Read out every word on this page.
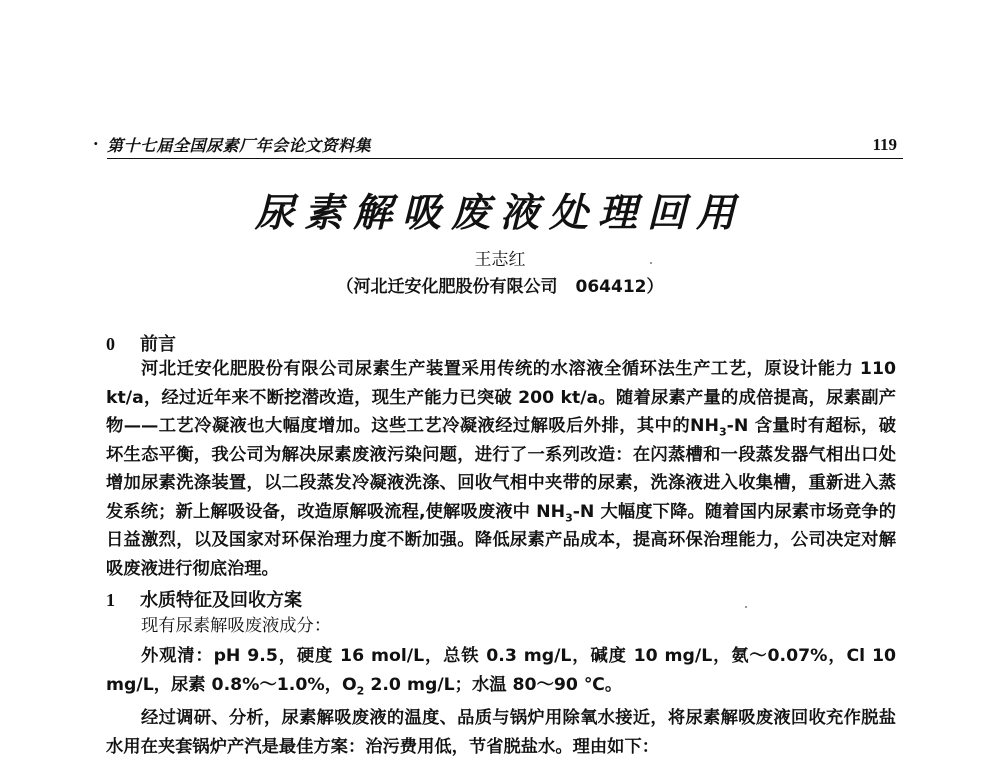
· 第十七届全国尿素厂年会论文资料集	119
尿素解吸废液处理回用
王志红
（河北迁安化肥股份有限公司 064412）
0 前言

河北迁安化肥股份有限公司尿素生产装置采用传统的水溶液全循环法生产工艺，原设计能力 110 kt/a，经过近年来不断挖潜改造，现生产能力已突破 200 kt/a。随着尿素产量的成倍提高，尿素副产物——工艺冷凝液也大幅度增加。这些工艺冷凝液经过解吸后外排，其中的$NH_3-N$ 含量时有超标，破坏生态平衡，我公司为解决尿素废液污染问题，进行了一系列改造：在闪蒸槽和一段蒸发器气相出口处增加尿素洗涤装置，以二段蒸发冷凝液洗涤、回收气相中夹带的尿素，洗涤液进入收集槽，重新进入蒸发系统；新上解吸设备，改造原解吸流程,使解吸废液中 $NH_3-N$ 大幅度下降。随着国内尿素市场竞争的日益激烈，以及国家对环保治理力度不断加强。降低尿素产品成本，提高环保治理能力，公司决定对解吸废液进行彻底治理。

1 水质特征及回收方案

现有尿素解吸废液成分：

外观清：pH 9.5，硬度 16 mol/L，总铁 0.3 mg/L，碱度 10 mg/L，氨～0.07%，Cl 10 mg/L，尿素 0.8%～1.0%，$O_2$ 2.0 mg/L；水温 80～90 ℃。

经过调研、分析，尿素解吸废液的温度、品质与锅炉用除氧水接近，将尿素解吸废液回收充作脱盐水用在夹套锅炉产汽是最佳方案：治污费用低，节省脱盐水。理由如下：
